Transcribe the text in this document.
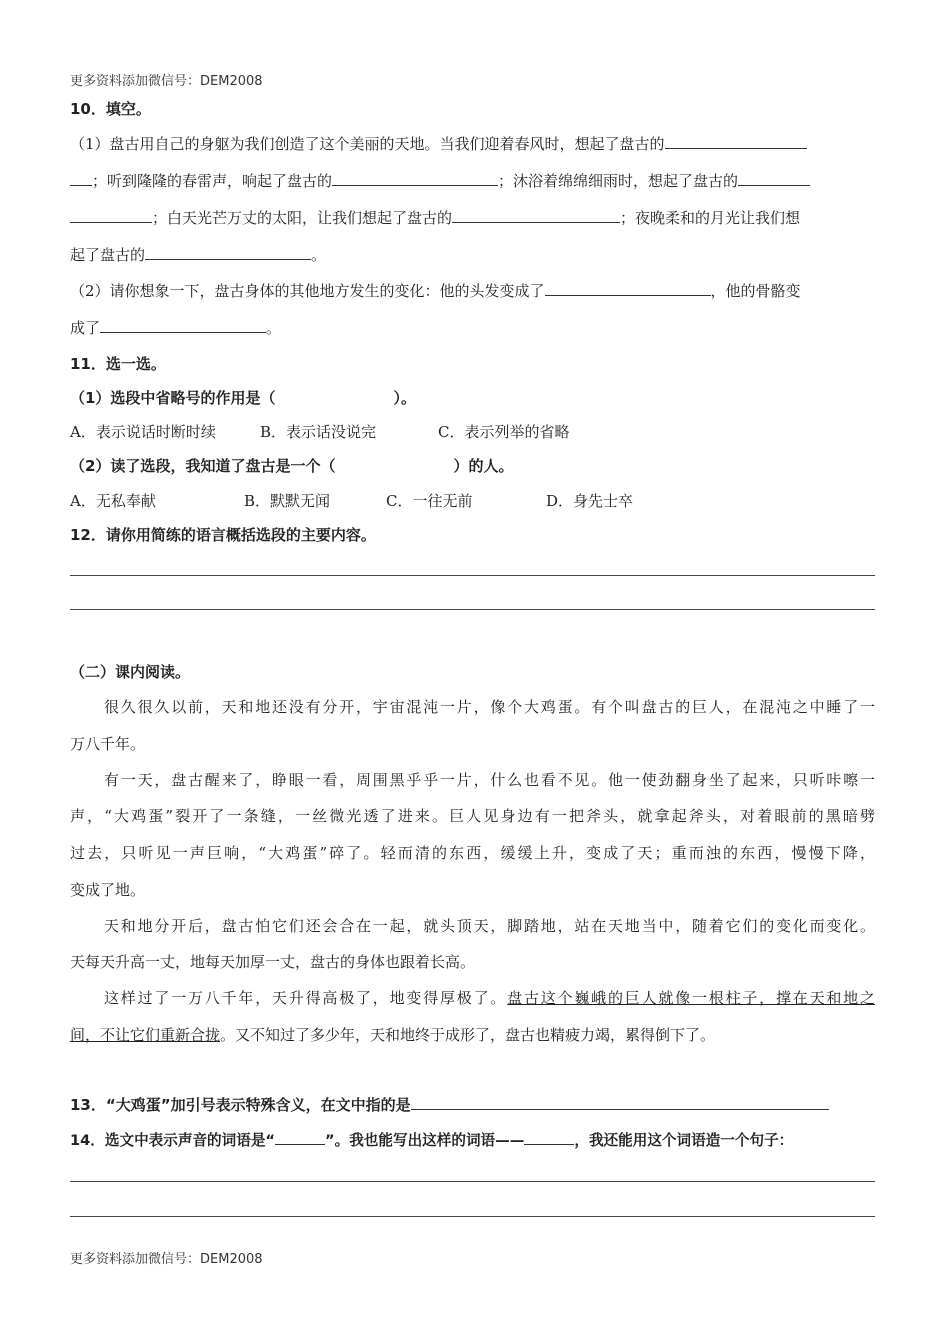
更多资料添加微信号：DEM2008
10．填空。
（1）盘古用自己的身躯为我们创造了这个美丽的天地。当我们迎着春风时，想起了盘古的
；听到隆隆的春雷声，响起了盘古的	；沐浴着绵绵细雨时，想起了盘古的
；白天光芒万丈的太阳，让我们想起了盘古的	；夜晚柔和的月光让我们想
起了盘古的	。
（2）请你想象一下，盘古身体的其他地方发生的变化：他的头发变成了	，他的骨骼变
成了	。
11．选一选。
（1）选段中省略号的作用是（	）。
A．表示说话时断时续	B．表示话没说完	C．表示列举的省略
（2）读了选段，我知道了盘古是一个（	）的人。
A．无私奉献	B．默默无闻	C．一往无前	D．身先士卒
12．请你用简练的语言概括选段的主要内容。
（二）课内阅读。
很久很久以前，天和地还没有分开，宇宙混沌一片，像个大鸡蛋。有个叫盘古的巨人，在混沌之中睡了一
万八千年。
有一天，盘古醒来了，睁眼一看，周围黑乎乎一片，什么也看不见。他一使劲翻身坐了起来，只听咔嚓一
声，“大鸡蛋”裂开了一条缝，一丝微光透了进来。巨人见身边有一把斧头，就拿起斧头，对着眼前的黑暗劈
过去，只听见一声巨响，“大鸡蛋”碎了。轻而清的东西，缓缓上升，变成了天；重而浊的东西，慢慢下降，
变成了地。
天和地分开后，盘古怕它们还会合在一起，就头顶天，脚踏地，站在天地当中，随着它们的变化而变化。
天每天升高一丈，地每天加厚一丈，盘古的身体也跟着长高。
这样过了一万八千年，天升得高极了，地变得厚极了。盘古这个巍峨的巨人就像一根柱子，撑在天和地之
间，不让它们重新合拢。又不知过了多少年，天和地终于成形了，盘古也精疲力竭，累得倒下了。
13．“大鸡蛋”加引号表示特殊含义，在文中指的是
14．选文中表示声音的词语是“	”。我也能写出这样的词语——	，我还能用这个词语造一个句子：
更多资料添加微信号：DEM2008
